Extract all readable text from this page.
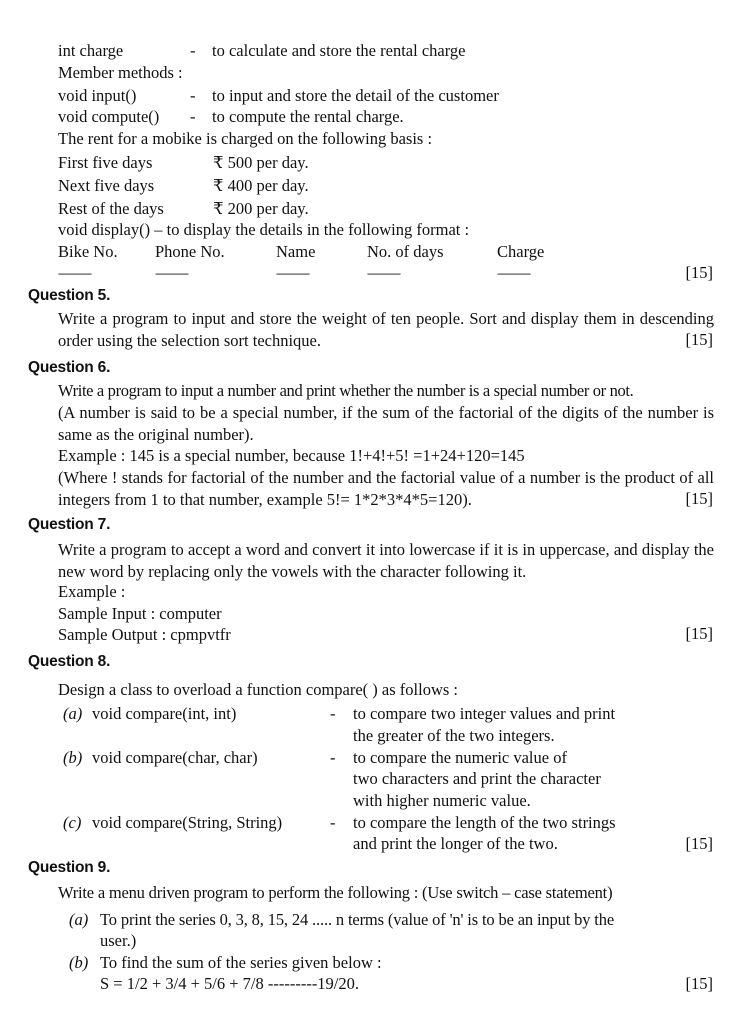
int charge	- to calculate and store the rental charge
Member methods :
void input()	- to input and store the detail of the customer
void compute() - to compute the rental charge.
The rent for a mobike is charged on the following basis :
First five days	₹ 500 per day.
Next five days	₹ 400 per day.
Rest of the days	₹ 200 per day.
void display() – to display the details in the following format :
Bike No. Phone No.	Name	No. of days	Charge
-----------	-----------	-----------	-----------	-----------	[15]
Question 5.
Write a program to input and store the weight of ten people. Sort and display them in descending order using the selection sort technique.	[15]
Question 6.
Write a program to input a number and print whether the number is a special number or not.
(A number is said to be a special number, if the sum of the factorial of the digits of the number is same as the original number).
Example : 145 is a special number, because 1!+4!+5! =1+24+120=145
(Where ! stands for factorial of the number and the factorial value of a number is the product of all integers from 1 to that number, example 5!= 1*2*3*4*5=120).	[15]
Question 7.
Write a program to accept a word and convert it into lowercase if it is in uppercase, and display the new word by replacing only the vowels with the character following it.
Example :
Sample Input : computer
Sample Output : cpmpvtfr	[15]
Question 8.
Design a class to overload a function compare( ) as follows :
(a) void compare(int, int)	- to compare two integer values and print
the greater of the two integers.
(b) void compare(char, char)	- to compare the numeric value of
two characters and print the character
with higher numeric value.
(c) void compare(String, String)	- to compare the length of the two strings
and print the longer of the two.	[15]
Question 9.
Write a menu driven program to perform the following : (Use switch – case statement)
(a) To print the series 0, 3, 8, 15, 24 ..... n terms (value of 'n' is to be an input by the
user.)
(b) To find the sum of the series given below :
S = 1/2 + 3/4 + 5/6 + 7/8 ---------19/20.	[15]
